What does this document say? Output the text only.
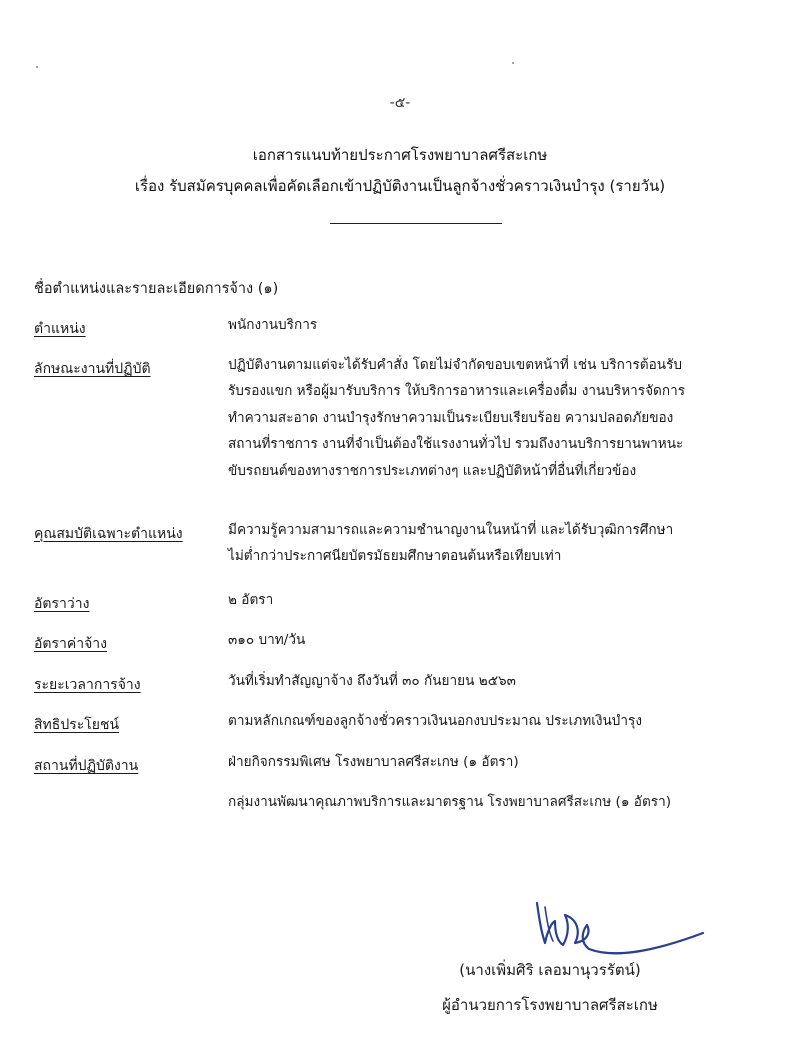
-๕-
เอกสารแนบท้ายประกาศโรงพยาบาลศรีสะเกษ
เรื่อง รับสมัครบุคคลเพื่อคัดเลือกเข้าปฏิบัติงานเป็นลูกจ้างชั่วคราวเงินบำรุง (รายวัน)
ชื่อตำแหน่งและรายละเอียดการจ้าง (๑)
ตำแหน่ง	พนักงานบริการ
ลักษณะงานที่ปฏิบัติ	ปฏิบัติงานตามแต่จะได้รับคำสั่ง โดยไม่จำกัดขอบเขตหน้าที่ เช่น บริการต้อนรับ
รับรองแขก หรือผู้มารับบริการ ให้บริการอาหารและเครื่องดื่ม งานบริหารจัดการ
ทำความสะอาด งานบำรุงรักษาความเป็นระเบียบเรียบร้อย ความปลอดภัยของ
สถานที่ราชการ งานที่จำเป็นต้องใช้แรงงานทั่วไป รวมถึงงานบริการยานพาหนะ
ขับรถยนต์ของทางราชการประเภทต่างๆ และปฏิบัติหน้าที่อื่นที่เกี่ยวข้อง
คุณสมบัติเฉพาะตำแหน่ง	มีความรู้ความสามารถและความชำนาญงานในหน้าที่ และได้รับวุฒิการศึกษา
ไม่ต่ำกว่าประกาศนียบัตรมัธยมศึกษาตอนต้นหรือเทียบเท่า
อัตราว่าง	๒ อัตรา
อัตราค่าจ้าง	๓๑๐ บาท/วัน
ระยะเวลาการจ้าง	วันที่เริ่มทำสัญญาจ้าง ถึงวันที่ ๓๐ กันยายน ๒๕๖๓
สิทธิประโยชน์	ตามหลักเกณฑ์ของลูกจ้างชั่วคราวเงินนอกงบประมาณ ประเภทเงินบำรุง
สถานที่ปฏิบัติงาน	ฝ่ายกิจกรรมพิเศษ โรงพยาบาลศรีสะเกษ (๑ อัตรา)
กลุ่มงานพัฒนาคุณภาพบริการและมาตรฐาน โรงพยาบาลศรีสะเกษ (๑ อัตรา)
(นางเพิ่มศิริ เลอมานุวรรัตน์)
ผู้อำนวยการโรงพยาบาลศรีสะเกษ
